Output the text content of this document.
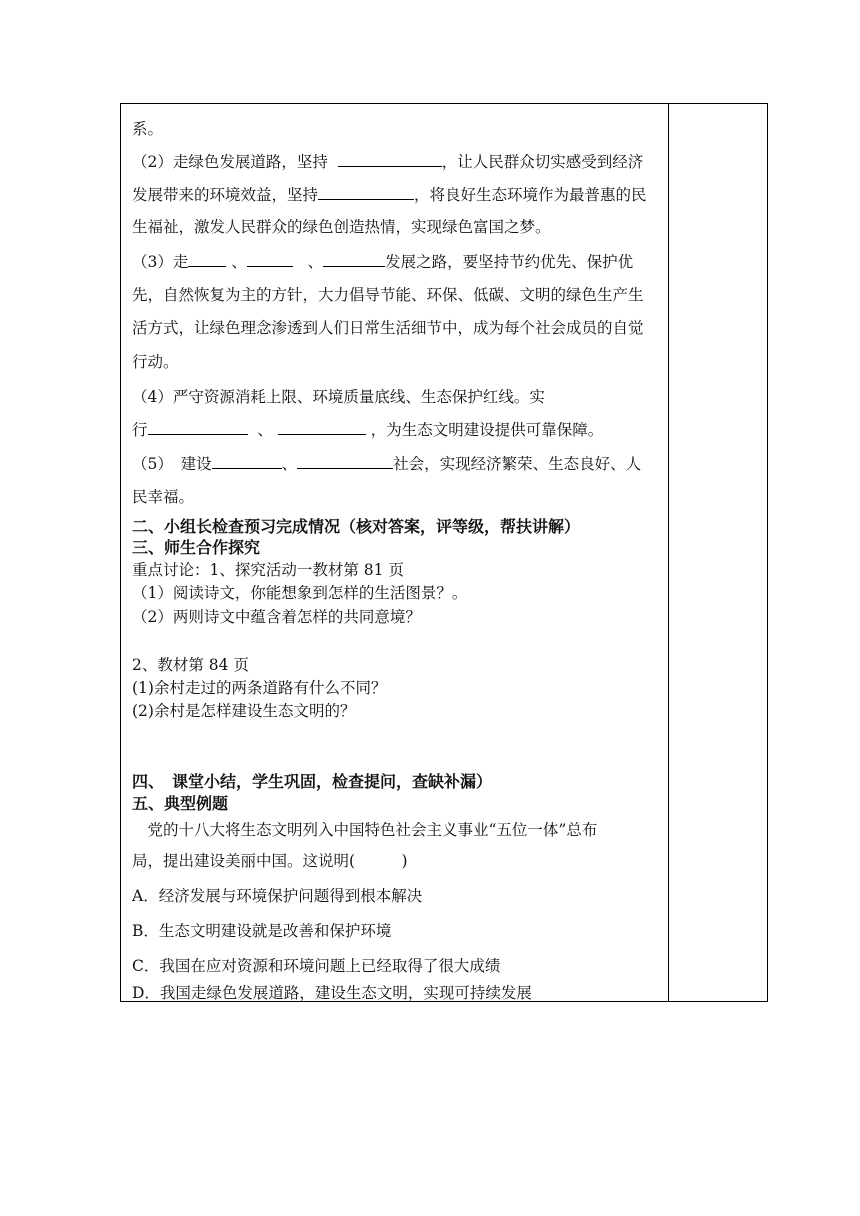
系。
（2）走绿色发展道路，坚持	，让人民群众切实感受到经济
发展带来的环境效益，坚持	，将良好生态环境作为最普惠的民
生福祉，激发人民群众的绿色创造热情，实现绿色富国之梦。
（3）走	、	、	发展之路，要坚持节约优先、保护优
先，自然恢复为主的方针，大力倡导节能、环保、低碳、文明的绿色生产生
活方式，让绿色理念渗透到人们日常生活细节中，成为每个社会成员的自觉
行动。
（4）严守资源消耗上限、环境质量底线、生态保护红线。实
行	、	，为生态文明建设提供可靠保障。
（5）　建设	、	社会，实现经济繁荣、生态良好、人
民幸福。
二、小组长检查预习完成情况（核对答案，评等级，帮扶讲解）
三、师生合作探究
重点讨论：1、探究活动一教材第 81 页
（1）阅读诗文，你能想象到怎样的生活图景？。
（2）两则诗文中蕴含着怎样的共同意境？
2、教材第 84 页
(1)余村走过的两条道路有什么不同？
(2)余村是怎样建设生态文明的？
四、　课堂小结，学生巩固，检查提问，查缺补漏）
五、典型例题
　党的十八大将生态文明列入中国特色社会主义事业“五位一体”总布
局，提出建设美丽中国。这说明(　　　)
A．经济发展与环境保护问题得到根本解决
B．生态文明建设就是改善和保护环境
C．我国在应对资源和环境问题上已经取得了很大成绩
D．我国走绿色发展道路，建设生态文明，实现可持续发展
